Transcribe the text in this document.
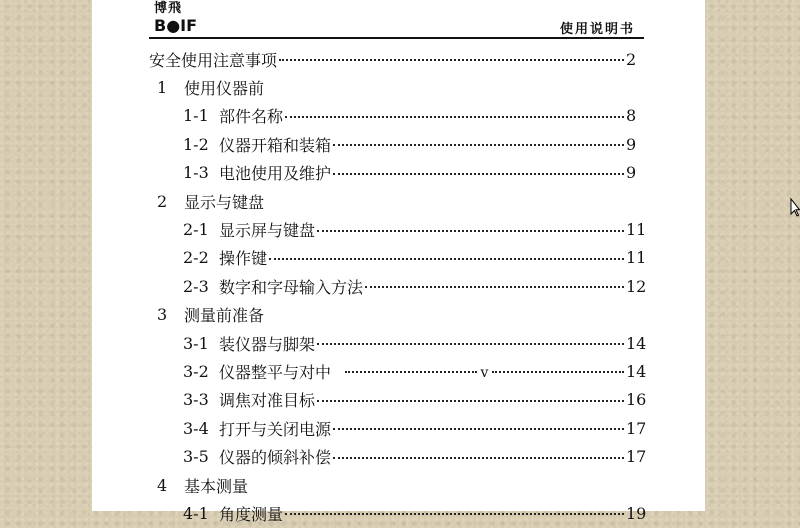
博飛
B●IF	使用说明书
安全使用注意事项	2
1	使用仪器前
1-1 部件名称	8
1-2 仪器开箱和装箱	9
1-3 电池使用及维护	9
2	显示与键盘
2-1 显示屏与键盘	11
2-2 操作键	11
2-3 数字和字母输入方法	12
3	测量前准备
3-1 装仪器与脚架	14
3-2 仪器整平与对中	v	14
3-3 调焦对准目标	16
3-4 打开与关闭电源	17
3-5 仪器的倾斜补偿	17
4	基本测量
4-1 角度测量	19
